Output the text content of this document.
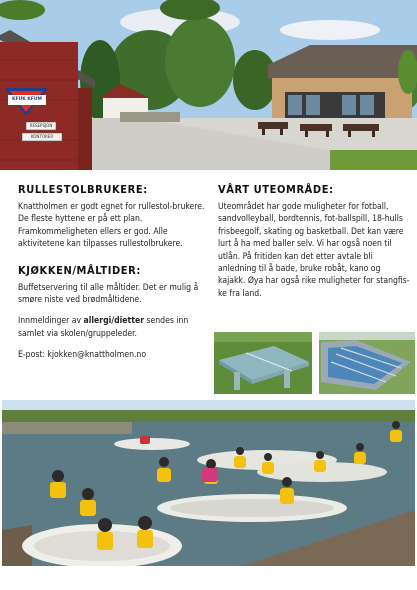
KFUK KFUM
RESEPSJON
KONTORER
RULLESTOLBRUKERE:

Knattholmen er godt egnet for rullestol-brukere. De fleste hyttene er på ett plan. Framkommeligheten ellers er god. Alle aktivitetene kan tilpasses rullestolbrukere.

KJØKKEN/MÅLTIDER:

Buffetservering til alle måltider. Det er mulig å smøre niste ved brødmåltidene.

Innmeldinger av allergi/dietter sendes inn samlet via skolen/gruppeleder.

E-post: kjokken@knattholmen.no

VÅRT UTEOMRÅDE:

Uteområdet har gode muligheter for fotball, sandvolleyball, bordtennis, fot-ballspill, 18-hulls frisbeegolf, skating og basketball. Det kan være lurt å ha med baller selv. Vi har også noen til utlån. På fritiden kan det etter avtale bli anledning til å bade, bruke robåt, kano og kajakk. Øya har også rike muligheter for stangfis-ke fra land.
